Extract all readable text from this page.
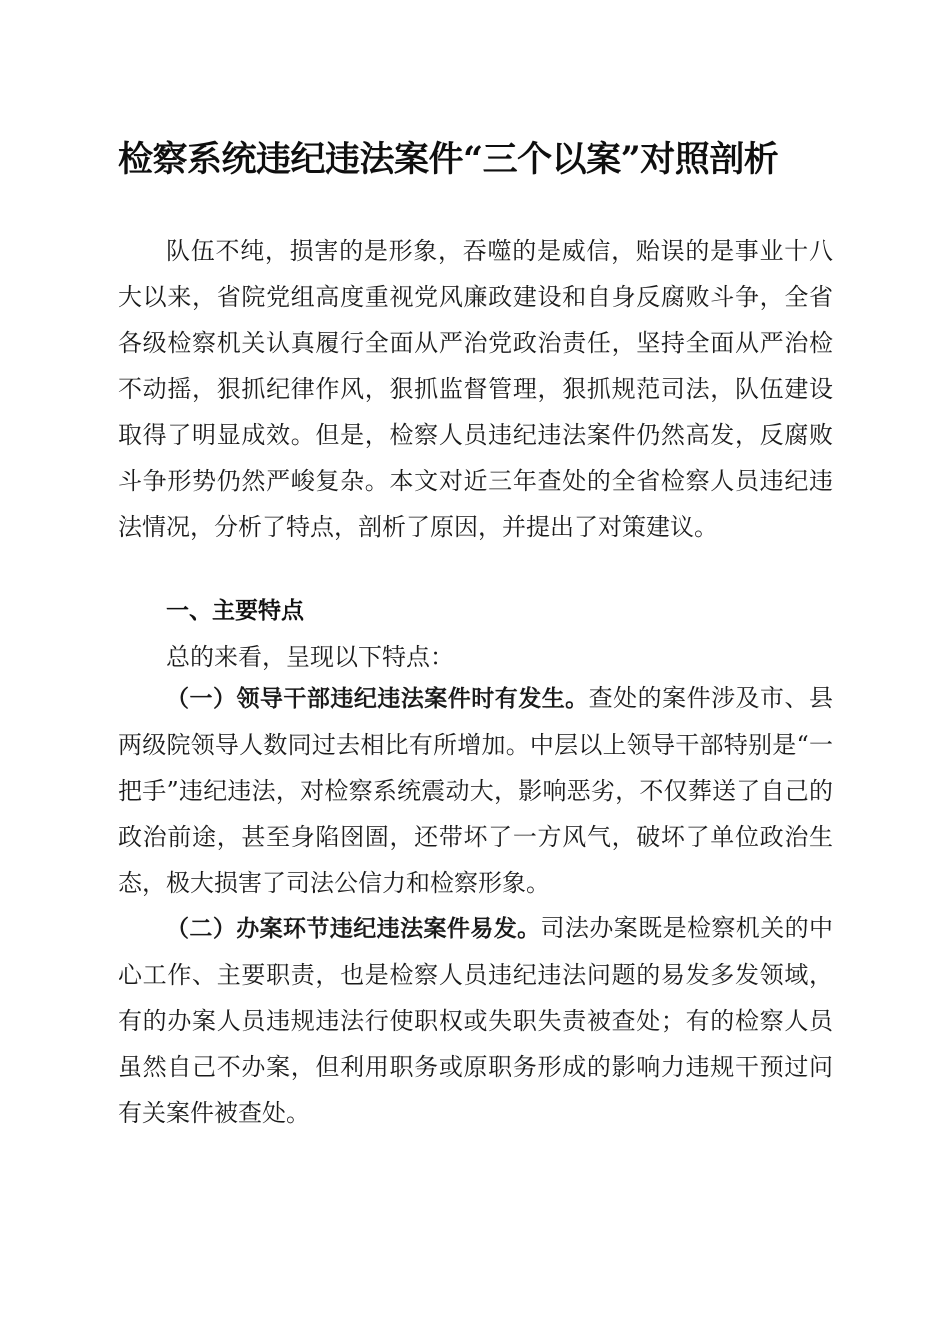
检察系统违纪违法案件“三个以案”对照剖析
队伍不纯，损害的是形象，吞噬的是威信，贻误的是事业十八大以来，省院党组高度重视党风廉政建设和自身反腐败斗争，全省各级检察机关认真履行全面从严治党政治责任，坚持全面从严治检不动摇，狠抓纪律作风，狠抓监督管理，狠抓规范司法，队伍建设取得了明显成效。但是，检察人员违纪违法案件仍然高发，反腐败斗争形势仍然严峻复杂。本文对近三年查处的全省检察人员违纪违法情况，分析了特点，剖析了原因，并提出了对策建议。
一、主要特点
总的来看，呈现以下特点：
（一）领导干部违纪违法案件时有发生。查处的案件涉及市、县两级院领导人数同过去相比有所增加。中层以上领导干部特别是“一把手”违纪违法，对检察系统震动大，影响恶劣，不仅葬送了自己的政治前途，甚至身陷囹圄，还带坏了一方风气，破坏了单位政治生态，极大损害了司法公信力和检察形象。
（二）办案环节违纪违法案件易发。司法办案既是检察机关的中心工作、主要职责，也是检察人员违纪违法问题的易发多发领域，有的办案人员违规违法行使职权或失职失责被查处；有的检察人员虽然自己不办案，但利用职务或原职务形成的影响力违规干预过问有关案件被查处。
